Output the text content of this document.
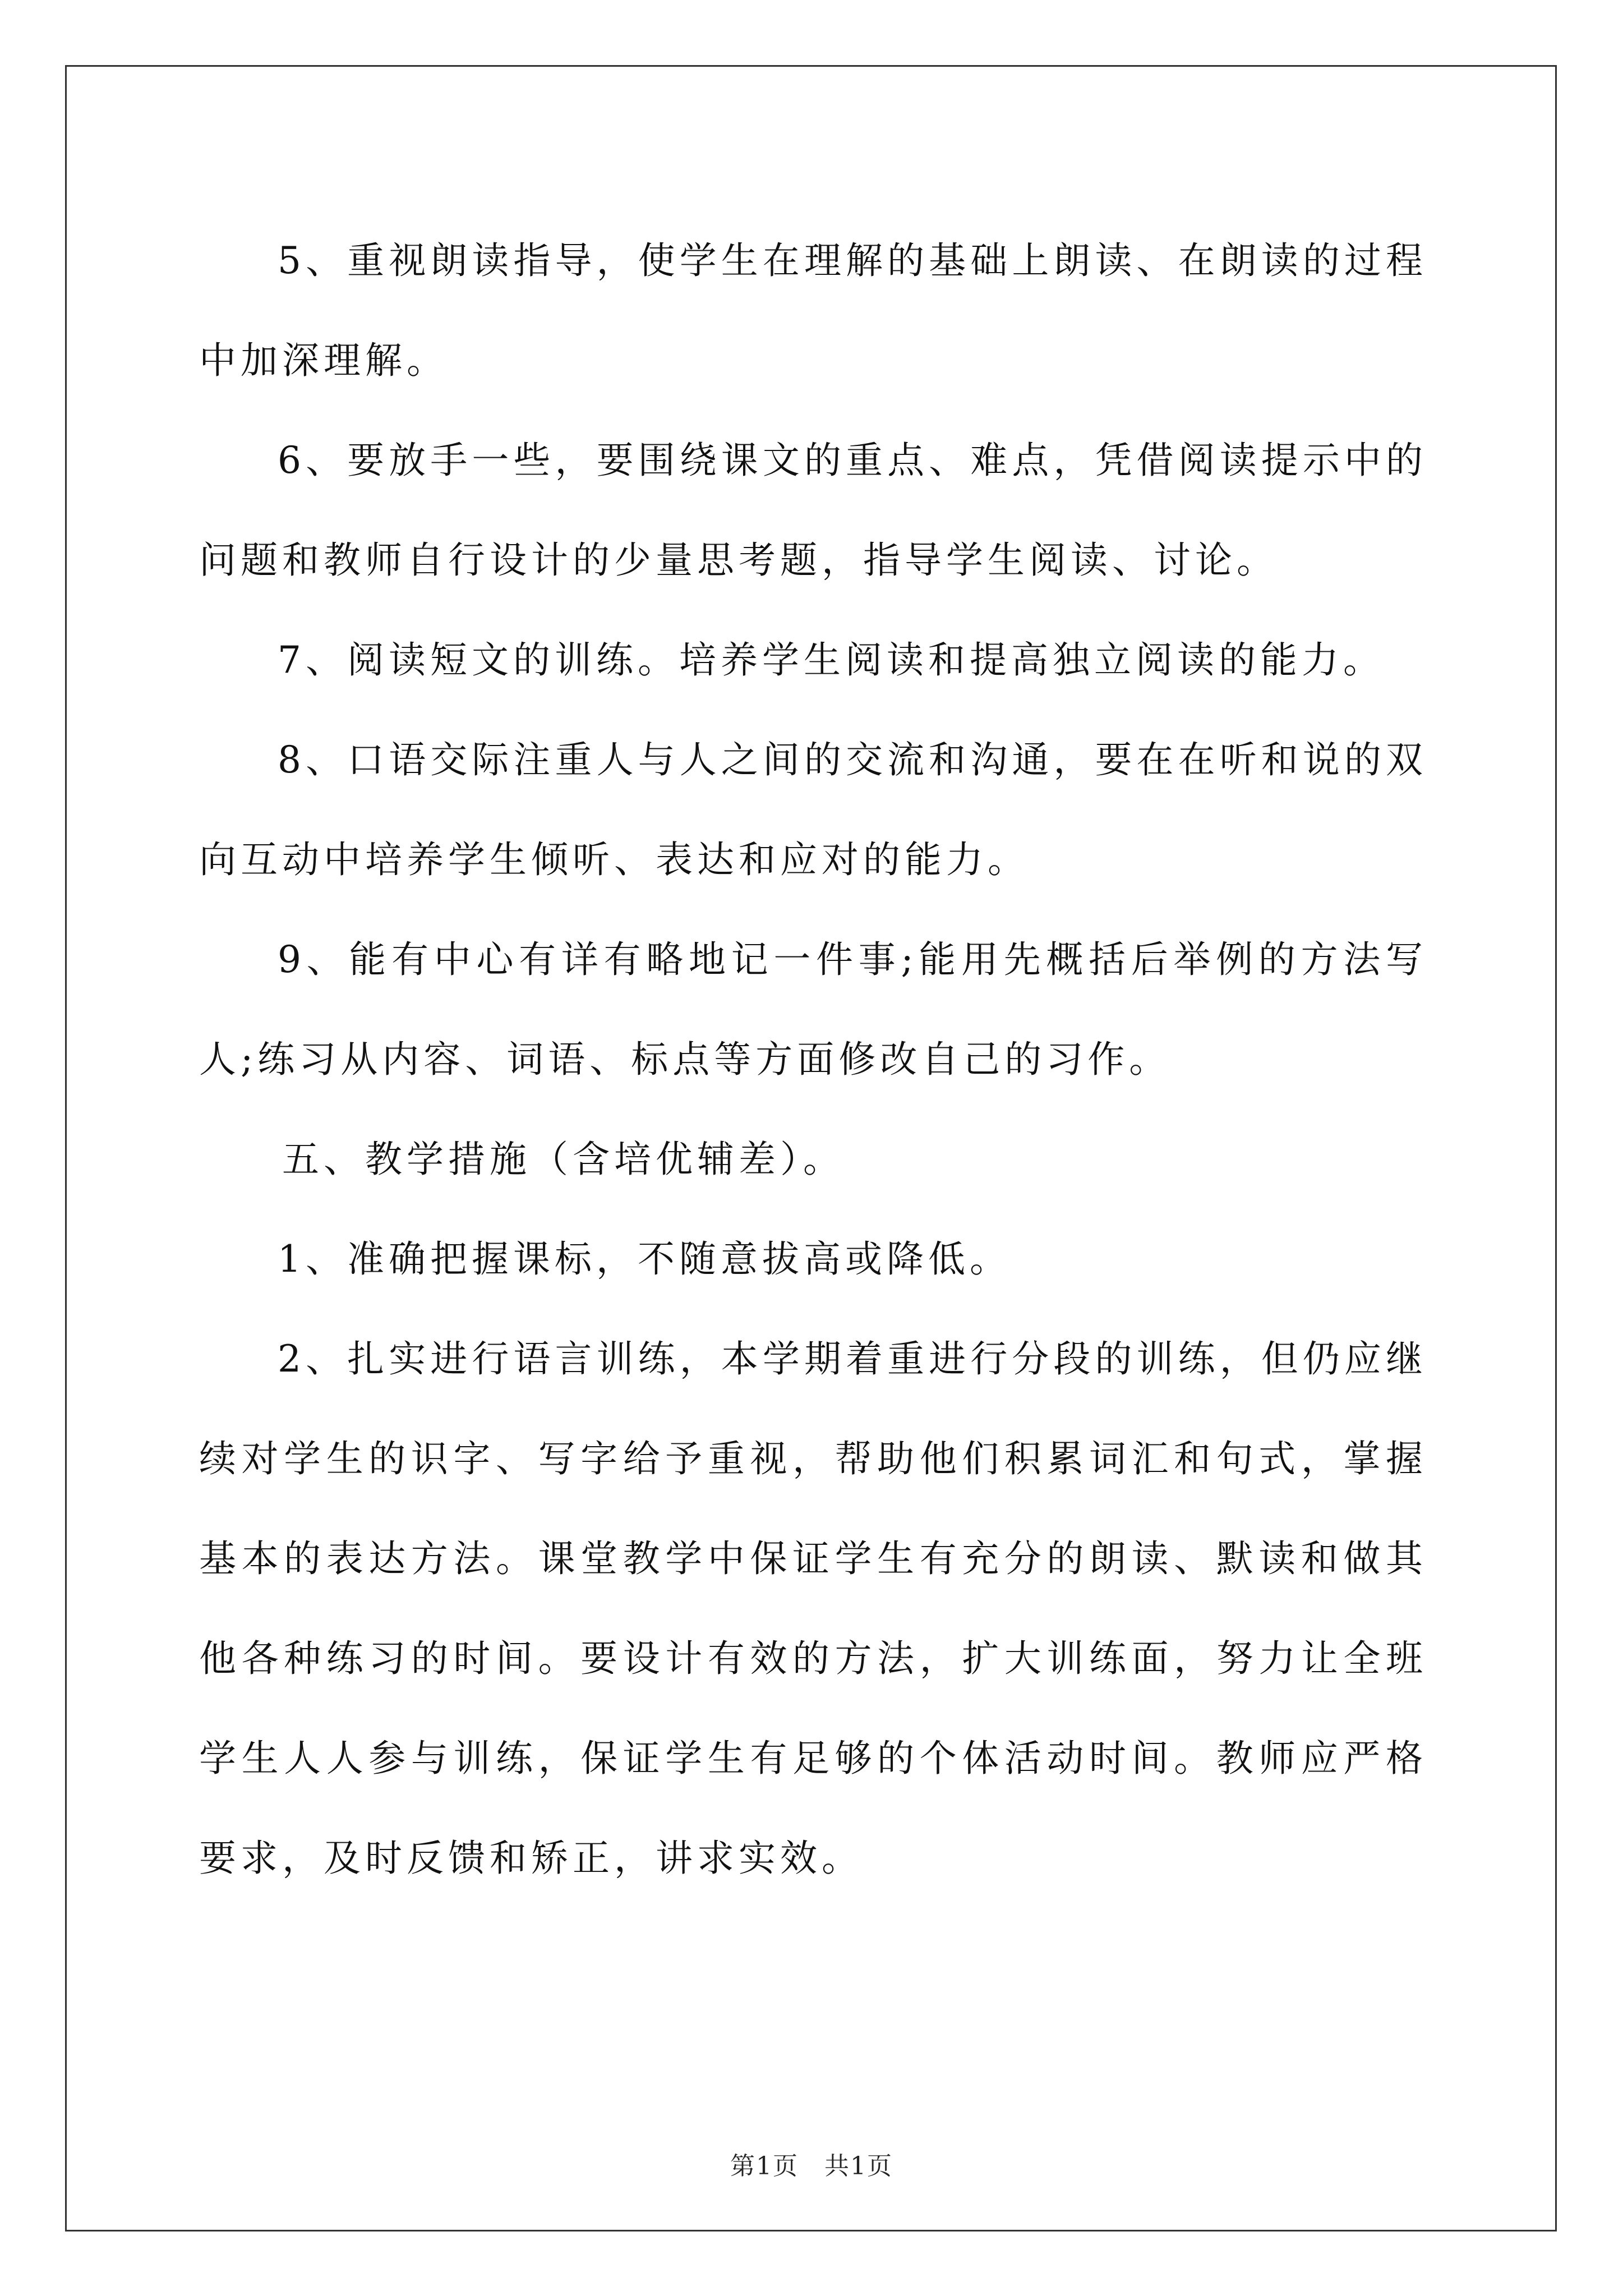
5、重视朗读指导，使学生在理解的基础上朗读、在朗读的过程中加深理解。

6、要放手一些，要围绕课文的重点、难点，凭借阅读提示中的问题和教师自行设计的少量思考题，指导学生阅读、讨论。

7、阅读短文的训练。培养学生阅读和提高独立阅读的能力。

8、口语交际注重人与人之间的交流和沟通，要在在听和说的双向互动中培养学生倾听、表达和应对的能力。

9、能有中心有详有略地记一件事;能用先概括后举例的方法写人;练习从内容、词语、标点等方面修改自己的习作。

五、教学措施（含培优辅差）。

1、准确把握课标，不随意拔高或降低。

2、扎实进行语言训练，本学期着重进行分段的训练，但仍应继续对学生的识字、写字给予重视，帮助他们积累词汇和句式，掌握基本的表达方法。课堂教学中保证学生有充分的朗读、默读和做其他各种练习的时间。要设计有效的方法，扩大训练面，努力让全班学生人人参与训练，保证学生有足够的个体活动时间。教师应严格要求，及时反馈和矫正，讲求实效。

第1页　共1页
